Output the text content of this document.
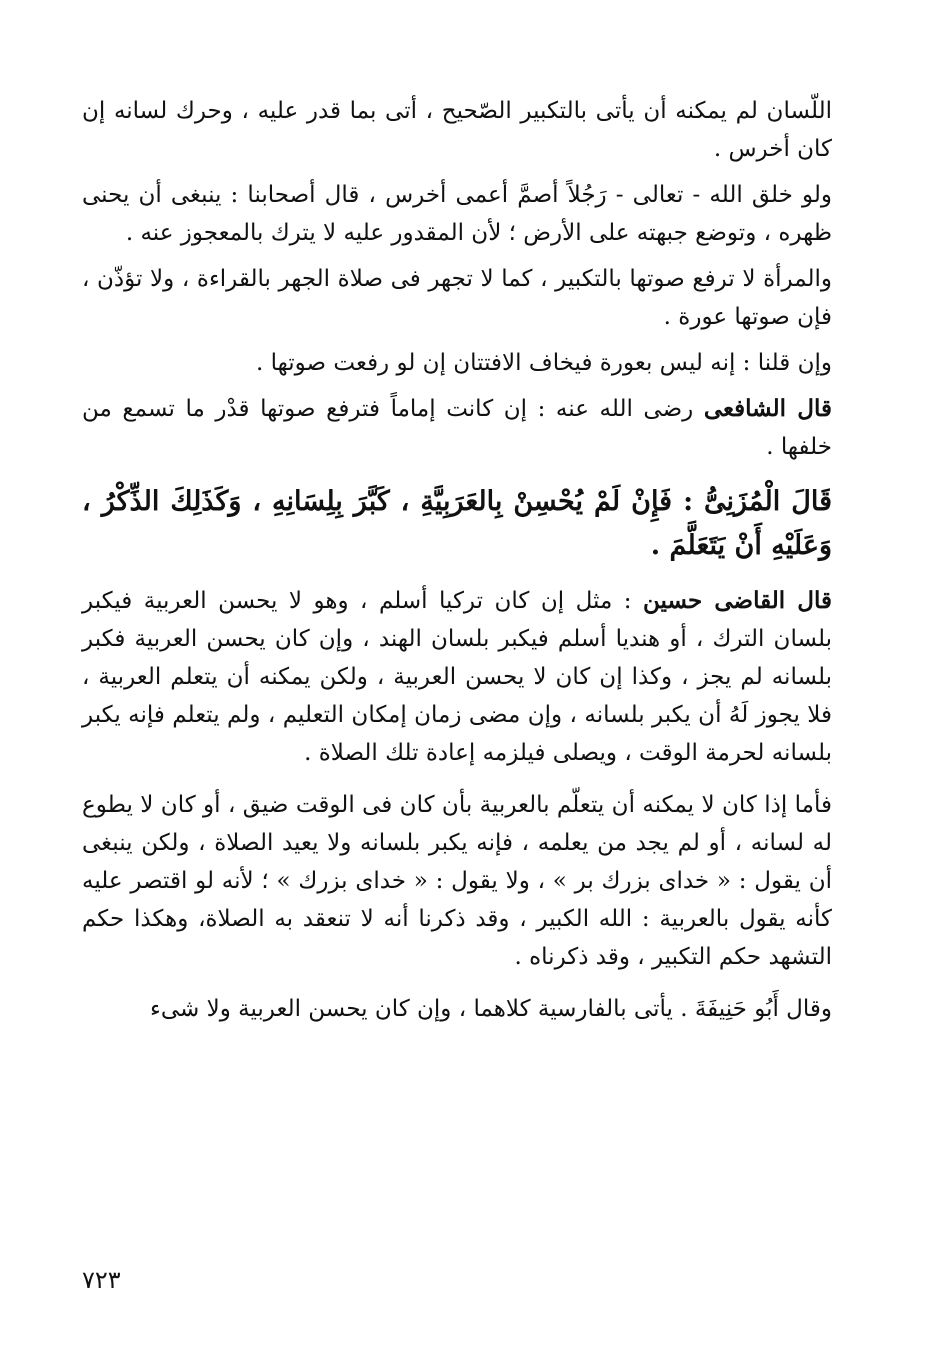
اللّسان لم يمكنه أن يأتى بالتكبير الصّحيح ، أتى بما قدر عليه ، وحرك لسانه إن كان أخرس .

ولو خلق الله - تعالى - رَجُلاً أصمَّ أعمى أخرس ، قال أصحابنا : ينبغى أن يحنى ظهره ، وتوضع جبهته على الأرض ؛ لأن المقدور عليه لا يترك بالمعجوز عنه .

والمرأة لا ترفع صوتها بالتكبير ، كما لا تجهر فى صلاة الجهر بالقراءة ، ولا تؤذّن ، فإن صوتها عورة .

وإن قلنا : إنه ليس بعورة فيخاف الافتتان إن لو رفعت صوتها .

قال الشافعى رضى الله عنه : إن كانت إماماً فترفع صوتها قدْر ما تسمع من خلفها .

قَالَ الْمُزَنِىُّ : فَإِنْ لَمْ يُحْسِنْ بِالعَرَبِيَّةِ ، كَبَّرَ بِلِسَانِهِ ، وَكَذَلِكَ الذِّكْرُ ، وَعَلَيْهِ أَنْ يَتَعَلَّمَ .

قال القاضى حسين : مثل إن كان تركيا أسلم ، وهو لا يحسن العربية فيكبر بلسان الترك ، أو هنديا أسلم فيكبر بلسان الهند ، وإن كان يحسن العربية فكبر بلسانه لم يجز ، وكذا إن كان لا يحسن العربية ، ولكن يمكنه أن يتعلم العربية ، فلا يجوز لَهُ أن يكبر بلسانه ، وإن مضى زمان إمكان التعليم ، ولم يتعلم فإنه يكبر بلسانه لحرمة الوقت ، ويصلى فيلزمه إعادة تلك الصلاة .

فأما إذا كان لا يمكنه أن يتعلّم بالعربية بأن كان فى الوقت ضيق ، أو كان لا يطوع له لسانه ، أو لم يجد من يعلمه ، فإنه يكبر بلسانه ولا يعيد الصلاة ، ولكن ينبغى أن يقول : « خداى بزرك بر » ، ولا يقول : « خداى بزرك » ؛ لأنه لو اقتصر عليه كأنه يقول بالعربية : الله الكبير ، وقد ذكرنا أنه لا تنعقد به الصلاة، وهكذا حكم التشهد حكم التكبير ، وقد ذكرناه .

وقال أَبُو حَنِيفَةَ . يأتى بالفارسية كلاهما ، وإن كان يحسن العربية ولا شىء

٧٢٣
